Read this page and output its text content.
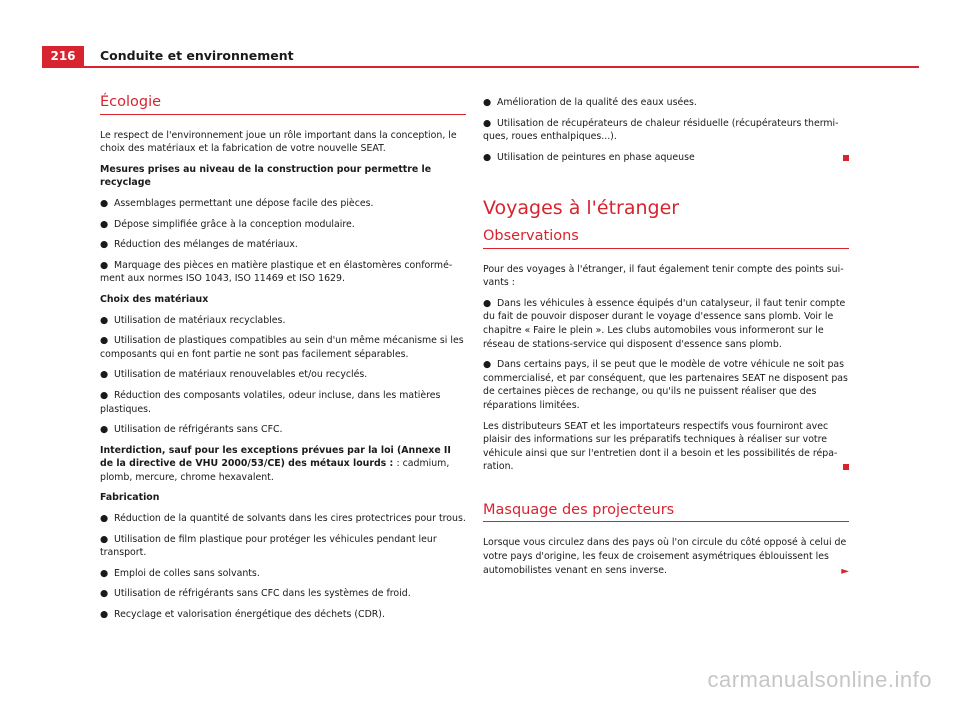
216	Conduite et environnement
Écologie

Le respect de l'environnement joue un rôle important dans la conception, le choix des matériaux et la fabrication de votre nouvelle SEAT.

Mesures prises au niveau de la construction pour permettre le recyclage

● Assemblages permettant une dépose facile des pièces.

● Dépose simplifiée grâce à la conception modulaire.

● Réduction des mélanges de matériaux.

● Marquage des pièces en matière plastique et en élastomères conformément aux normes ISO 1043, ISO 11469 et ISO 1629.

Choix des matériaux

● Utilisation de matériaux recyclables.

● Utilisation de plastiques compatibles au sein d'un même mécanisme si les composants qui en font partie ne sont pas facilement séparables.

● Utilisation de matériaux renouvelables et/ou recyclés.

● Réduction des composants volatiles, odeur incluse, dans les matières plastiques.

● Utilisation de réfrigérants sans CFC.

Interdiction, sauf pour les exceptions prévues par la loi (Annexe II de la directive de VHU 2000/53/CE) des métaux lourds : : cadmium, plomb, mercure, chrome hexavalent.

Fabrication

● Réduction de la quantité de solvants dans les cires protectrices pour trous.

● Utilisation de film plastique pour protéger les véhicules pendant leur transport.

● Emploi de colles sans solvants.

● Utilisation de réfrigérants sans CFC dans les systèmes de froid.

● Recyclage et valorisation énergétique des déchets (CDR).

● Amélioration de la qualité des eaux usées.

● Utilisation de récupérateurs de chaleur résiduelle (récupérateurs thermiques, roues enthalpiques...).

● Utilisation de peintures en phase aqueuse

Voyages à l'étranger
Observations

Pour des voyages à l'étranger, il faut également tenir compte des points suivants :

● Dans les véhicules à essence équipés d'un catalyseur, il faut tenir compte du fait de pouvoir disposer durant le voyage d'essence sans plomb. Voir le chapitre « Faire le plein ». Les clubs automobiles vous informeront sur le réseau de stations-service qui disposent d'essence sans plomb.

● Dans certains pays, il se peut que le modèle de votre véhicule ne soit pas commercialisé, et par conséquent, que les partenaires SEAT ne disposent pas de certaines pièces de rechange, ou qu'ils ne puissent réaliser que des réparations limitées.

Les distributeurs SEAT et les importateurs respectifs vous fourniront avec plaisir des informations sur les préparatifs techniques à réaliser sur votre véhicule ainsi que sur l'entretien dont il a besoin et les possibilités de réparation.

Masquage des projecteurs

Lorsque vous circulez dans des pays où l'on circule du côté opposé à celui de votre pays d'origine, les feux de croisement asymétriques éblouissent les automobilistes venant en sens inverse.	►

carmanualsonline.info
